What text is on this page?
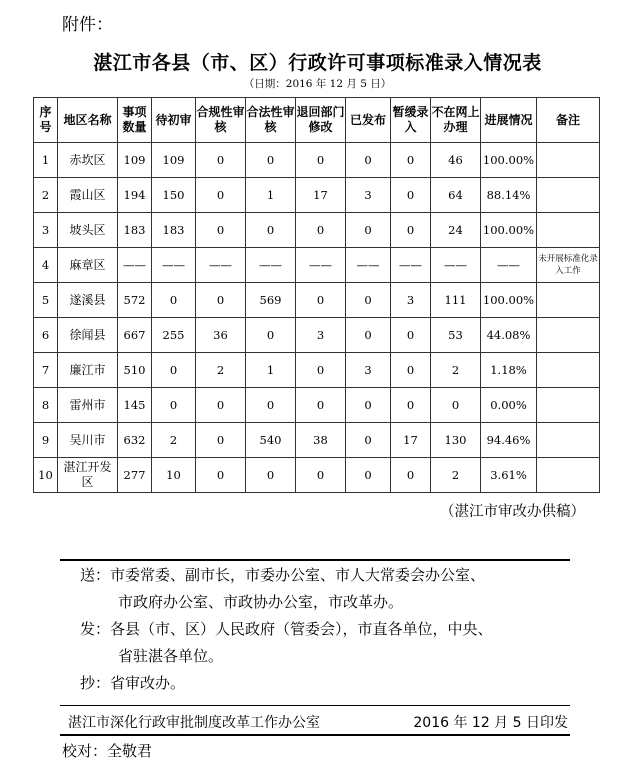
附件：
湛江市各县（市、区）行政许可事项标准录入情况表
（日期：2016 年 12 月 5 日）
序号	地区名称	事项数量	待初审	合规性审核	合法性审核	退回部门修改	已发布	暂缓录入	不在网上办理	进展情况	备注
1	赤坎区	109	109	0	0	0	0	0	46	100.00%	
2	霞山区	194	150	0	1	17	3	0	64	88.14%	
3	坡头区	183	183	0	0	0	0	0	24	100.00%	
4	麻章区	——	——	——	——	——	——	——	——	——	未开展标准化录入工作
5	遂溪县	572	0	0	569	0	0	3	111	100.00%	
6	徐闻县	667	255	36	0	3	0	0	53	44.08%	
7	廉江市	510	0	2	1	0	3	0	2	1.18%	
8	雷州市	145	0	0	0	0	0	0	0	0.00%	
9	吴川市	632	2	0	540	38	0	17	130	94.46%	
10	湛江开发区	277	10	0	0	0	0	0	2	3.61%	
（湛江市审改办供稿）
送：市委常委、副市长，市委办公室、市人大常委会办公室、
市政府办公室、市政协办公室，市改革办。
发：各县（市、区）人民政府（管委会），市直各单位，中央、
省驻湛各单位。
抄：省审改办。
湛江市深化行政审批制度改革工作办公室	2016 年 12 月 5 日印发
校对：全敬君
